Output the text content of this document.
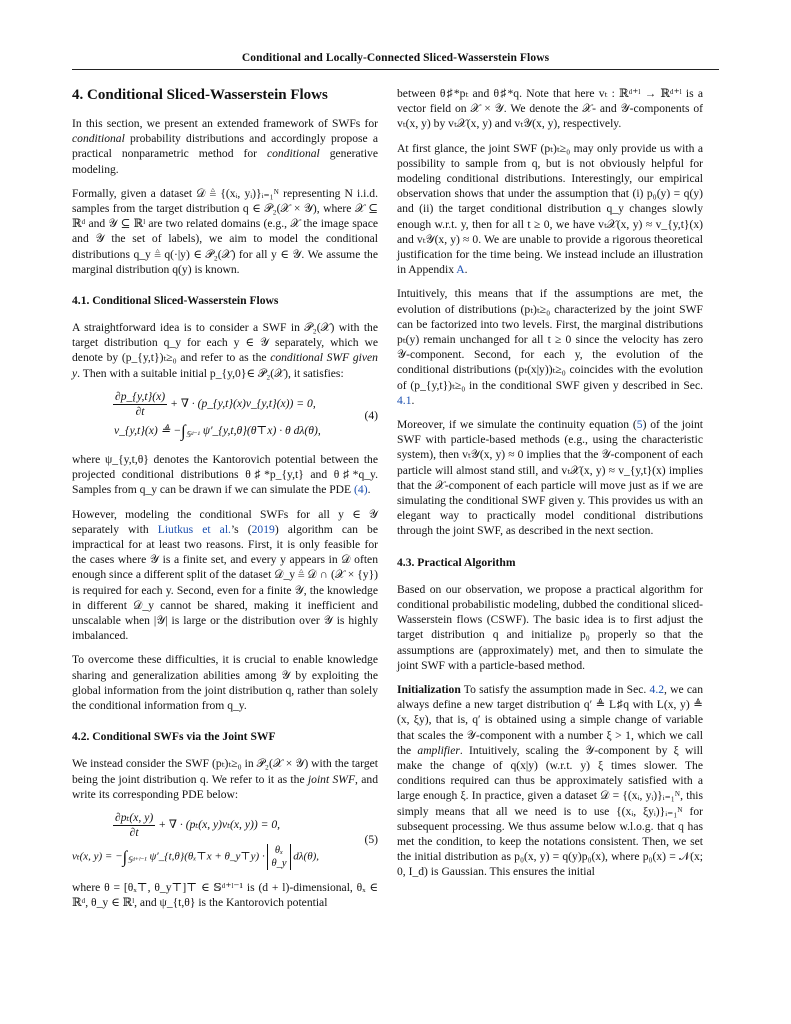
Conditional and Locally-Connected Sliced-Wasserstein Flows
4. Conditional Sliced-Wasserstein Flows

In this section, we present an extended framework of SWFs for conditional probability distributions and accordingly propose a practical nonparametric method for conditional generative modeling.

Formally, given a dataset 𝒟 ≜ {(xᵢ, yᵢ)}ᵢ₌₁ᴺ representing N i.i.d. samples from the target distribution q ∈ 𝒫₂(𝒳 × 𝒴), where 𝒳 ⊆ ℝᵈ and 𝒴 ⊆ ℝˡ are two related domains (e.g., 𝒳 the image space and 𝒴 the set of labels), we aim to model the conditional distributions q_y ≜ q(·|y) ∈ 𝒫₂(𝒳) for all y ∈ 𝒴. We assume the marginal distribution q(y) is known.

4.1. Conditional Sliced-Wasserstein Flows

A straightforward idea is to consider a SWF in 𝒫₂(𝒳) with the target distribution q_y for each y ∈ 𝒴 separately, which we denote by (p_{y,t})ₜ≥₀ and refer to as the conditional SWF given y. Then with a suitable initial p_{y,0}∈ 𝒫₂(𝒳), it satisfies:

$\frac{\partial p\_\{y,t\}(x)}{\partial t}$ + ∇ · (p_{y,t}(x)v_{y,t}(x)) = 0,
v_{y,t}(x) ≜ $-\int_{𝕊ᵈ^{-1}}$ ψ′_{y,t,θ}(θ⊤x) · θ dλ(θ),
(4)

where ψ_{y,t,θ} denotes the Kantorovich potential between the projected conditional distributions θ♯*p_{y,t} and θ♯*q_y. Samples from q_y can be drawn if we can simulate the PDE (4).

However, modeling the conditional SWFs for all y ∈ 𝒴 separately with Liutkus et al.’s (2019) algorithm can be impractical for at least two reasons. First, it is only feasible for the cases where 𝒴 is a finite set, and every y appears in 𝒟 often enough since a different split of the dataset 𝒟_y ≜ 𝒟 ∩ (𝒳 × {y}) is required for each y. Second, even for a finite 𝒴, the knowledge in different 𝒟_y cannot be shared, making it inefficient and unscalable when |𝒴| is large or the distribution over 𝒴 is highly imbalanced.

To overcome these difficulties, it is crucial to enable knowledge sharing and generalization abilities among 𝒴 by exploiting the global information from the joint distribution q, rather than solely the conditional information from q_y.

4.2. Conditional SWFs via the Joint SWF

We instead consider the SWF (pₜ)ₜ≥₀ in 𝒫₂(𝒳 × 𝒴) with the target being the joint distribution q. We refer to it as the joint SWF, and write its corresponding PDE below:

$\frac{\text{∂pₜ(x, y)}}{\partial t}$ + ∇ · (pₜ(x, y)vₜ(x, y)) = 0,
vₜ(x, $y) = -\int_{𝕊ᵈ^+ˡ^{-1}}$ ψ′_{t,θ}(θₓ⊤x + θ_y⊤y) ·
θₓ
θ_y
dλ(θ),
(5)

where θ = [θₓ⊤, θ_y⊤]⊤ ∈ 𝕊ᵈ⁺ˡ⁻¹ is (d + l)-dimensional, θₓ ∈ ℝᵈ, θ_y ∈ ℝˡ, and ψ_{t,θ} is the Kantorovich potential

between θ♯*pₜ and θ♯*q. Note that here vₜ : ℝᵈ⁺ˡ → ℝᵈ⁺ˡ is a vector field on 𝒳 × 𝒴. We denote the 𝒳- and 𝒴-components of vₜ(x, y) by vₜ𝒳(x, y) and vₜ𝒴(x, y), respectively.

At first glance, the joint SWF (pₜ)ₜ≥₀ may only provide us with a possibility to sample from q, but is not obviously helpful for modeling conditional distributions. Interestingly, our empirical observation shows that under the assumption that (i) p₀(y) = q(y) and (ii) the target conditional distribution q_y changes slowly enough w.r.t. y, then for all t ≥ 0, we have vₜ𝒳(x, y) ≈ v_{y,t}(x) and vₜ𝒴(x, y) ≈ 0. We are unable to provide a rigorous theoretical justification for the time being. We instead include an illustration in Appendix A.

Intuitively, this means that if the assumptions are met, the evolution of distributions (pₜ)ₜ≥₀ characterized by the joint SWF can be factorized into two levels. First, the marginal distributions pₜ(y) remain unchanged for all t ≥ 0 since the velocity has zero 𝒴-component. Second, for each y, the evolution of the conditional distributions (pₜ(x|y))ₜ≥₀ coincides with the evolution of (p_{y,t})ₜ≥₀ in the conditional SWF given y described in Sec. 4.1.

Moreover, if we simulate the continuity equation (5) of the joint SWF with particle-based methods (e.g., using the characteristic system), then vₜ𝒴(x, y) ≈ 0 implies that the 𝒴-component of each particle will almost stand still, and vₜ𝒳(x, y) ≈ v_{y,t}(x) implies that the 𝒳-component of each particle will move just as if we are simulating the conditional SWF given y. This provides us with an elegant way to practically model conditional distributions through the joint SWF, as described in the next section.

4.3. Practical Algorithm

Based on our observation, we propose a practical algorithm for conditional probabilistic modeling, dubbed the conditional sliced-Wasserstein flows (CSWF). The basic idea is to first adjust the target distribution q and initialize p₀ properly so that the assumptions are (approximately) met, and then to simulate the joint SWF with a particle-based method.

Initialization To satisfy the assumption made in Sec. 4.2, we can always define a new target distribution q′ ≜ L♯q with L(x, y) ≜ (x, ξy), that is, q′ is obtained using a simple change of variable that scales the 𝒴-component with a number ξ > 1, which we call the amplifier. Intuitively, scaling the 𝒴-component by ξ will make the change of q(x|y) (w.r.t. y) ξ times slower. The conditions required can thus be approximately satisfied with a large enough ξ. In practice, given a dataset 𝒟 = {(xᵢ, yᵢ)}ᵢ₌₁ᴺ, this simply means that all we need is to use {(xᵢ, ξyᵢ)}ᵢ₌₁ᴺ for subsequent processing. We thus assume below w.l.o.g. that q has met the condition, to keep the notations consistent. Then, we set the initial distribution as p₀(x, y) = q(y)p₀(x), where p₀(x) = 𝒩(x; 0, I_d) is Gaussian. This ensures the initial
